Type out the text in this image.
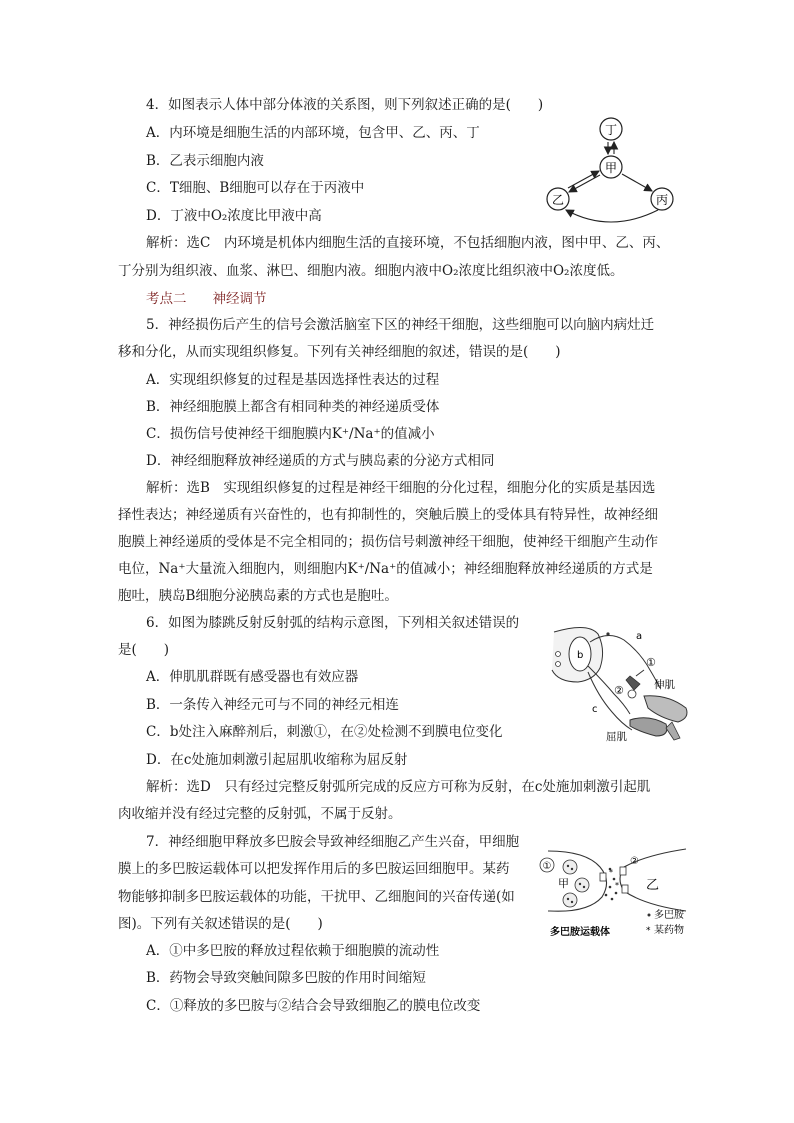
4．如图表示人体中部分体液的关系图，则下列叙述正确的是(　　)
A．内环境是细胞生活的内部环境，包含甲、乙、丙、丁
B．乙表示细胞内液
C．T细胞、B细胞可以存在于丙液中
D．丁液中O₂浓度比甲液中高
丁
甲
乙	丙
解析：选C　内环境是机体内细胞生活的直接环境，不包括细胞内液，图中甲、乙、丙、
丁分别为组织液、血浆、淋巴、细胞内液。细胞内液中O₂浓度比组织液中O₂浓度低。
考点二 神经调节
5．神经损伤后产生的信号会激活脑室下区的神经干细胞，这些细胞可以向脑内病灶迁
移和分化，从而实现组织修复。下列有关神经细胞的叙述，错误的是(　　)
A．实现组织修复的过程是基因选择性表达的过程
B．神经细胞膜上都含有相同种类的神经递质受体
C．损伤信号使神经干细胞膜内K⁺/Na⁺的值减小
D．神经细胞释放神经递质的方式与胰岛素的分泌方式相同
解析：选B　实现组织修复的过程是神经干细胞的分化过程，细胞分化的实质是基因选
择性表达；神经递质有兴奋性的，也有抑制性的，突触后膜上的受体具有特异性，故神经细
胞膜上神经递质的受体是不完全相同的；损伤信号刺激神经干细胞，使神经干细胞产生动作
电位，Na⁺大量流入细胞内，则细胞内K⁺/Na⁺的值减小；神经细胞释放神经递质的方式是
胞吐，胰岛B细胞分泌胰岛素的方式也是胞吐。
6．如图为膝跳反射反射弧的结构示意图，下列相关叙述错误的
是(　　)
A．伸肌肌群既有感受器也有效应器
B．一条传入神经元可与不同的神经元相连
C．b处注入麻醉剂后，刺激①，在②处检测不到膜电位变化
D．在c处施加刺激引起屈肌收缩称为屈反射
a
b
c
①
②	伸肌
屈肌
解析：选D　只有经过完整反射弧所完成的反应方可称为反射，在c处施加刺激引起肌
肉收缩并没有经过完整的反射弧，不属于反射。
7．神经细胞甲释放多巴胺会导致神经细胞乙产生兴奋，甲细胞
膜上的多巴胺运载体可以把发挥作用后的多巴胺运回细胞甲。某药
物能够抑制多巴胺运载体的功能，干扰甲、乙细胞间的兴奋传递(如
图)。下列有关叙述错误的是(　　)
A．①中多巴胺的释放过程依赖于细胞膜的流动性
B．药物会导致突触间隙多巴胺的作用时间缩短
C．①释放的多巴胺与②结合会导致细胞乙的膜电位改变
*
*
①	②
甲	乙
多巴胺
* 某药物
多巴胺运载体
